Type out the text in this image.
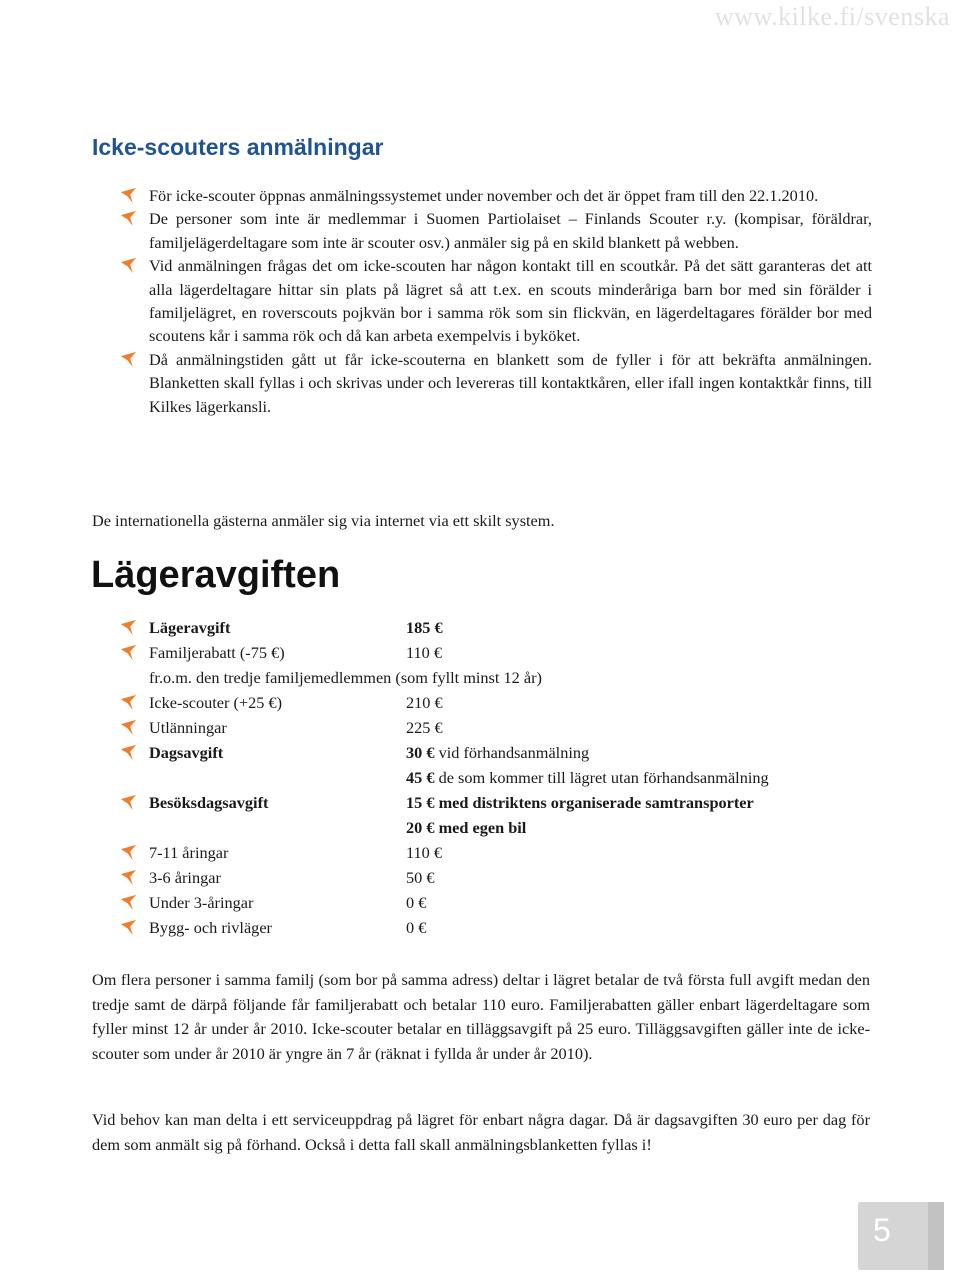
www.kilke.fi/svenska
Icke-scouters anmälningar
För icke-scouter öppnas anmälningssystemet under november och det är öppet fram till den 22.1.2010.
De personer som inte är medlemmar i Suomen Partiolaiset – Finlands Scouter r.y. (kompisar, föräldrar, familjelägerdeltagare som inte är scouter osv.) anmäler sig på en skild blankett på webben.
Vid anmälningen frågas det om icke-scouten har någon kontakt till en scoutkår. På det sätt garanteras det att alla lägerdeltagare hittar sin plats på lägret så att t.ex. en scouts minderåriga barn bor med sin förälder i familjelägret, en roverscouts pojkvän bor i samma rök som sin flickvän, en lägerdeltagares förälder bor med scoutens kår i samma rök och då kan arbeta exempelvis i byköket.
Då anmälningstiden gått ut får icke-scouterna en blankett som de fyller i för att bekräfta anmälningen. Blanketten skall fyllas i och skrivas under och levereras till kontaktkåren, eller ifall ingen kontaktkår finns, till Kilkes lägerkansli.

De internationella gästerna anmäler sig via internet via ett skilt system.

Lägeravgiften
Lägeravgift	185 €
Familjerabatt (-75 €)	110 €
fr.o.m. den tredje familjemedlemmen (som fyllt minst 12 år)
Icke-scouter (+25 €)	210 €
Utlänningar	225 €
Dagsavgift	30 € vid förhandsanmälning
45 € de som kommer till lägret utan förhandsanmälning
Besöksdagsavgift	15 € med distriktens organiserade samtransporter
20 € med egen bil
7-11 åringar	110 €
3-6 åringar	50 €
Under 3-åringar	0 €
Bygg- och rivläger	0 €

Om flera personer i samma familj (som bor på samma adress) deltar i lägret betalar de två första full avgift medan den tredje samt de därpå följande får familjerabatt och betalar 110 euro. Familjerabatten gäller enbart lägerdeltagare som fyller minst 12 år under år 2010. Icke-scouter betalar en tilläggsavgift på 25 euro. Tilläggsavgiften gäller inte de icke-scouter som under år 2010 är yngre än 7 år (räknat i fyllda år under år 2010).

Vid behov kan man delta i ett serviceuppdrag på lägret för enbart några dagar. Då är dagsavgiften 30 euro per dag för dem som anmält sig på förhand. Också i detta fall skall anmälningsblanketten fyllas i!

5
